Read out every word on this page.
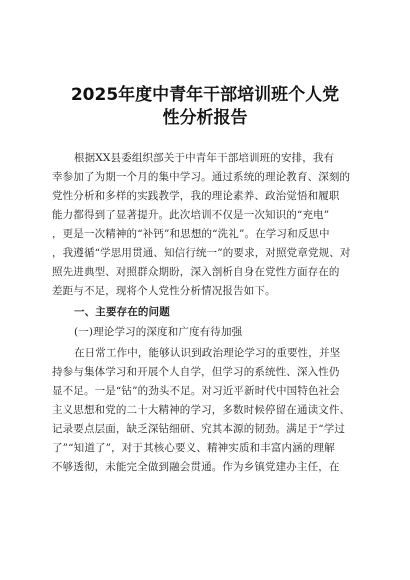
2025年度中青年干部培训班个人党
性分析报告
根据XX县委组织部关于中青年干部培训班的安排，我有
幸参加了为期一个月的集中学习。通过系统的理论教育、深刻的
党性分析和多样的实践教学，我的理论素养、政治觉悟和履职
能力都得到了显著提升。此次培训不仅是一次知识的“充电”
，更是一次精神的“补钙”和思想的“洗礼”。在学习和反思中
，我遵循“学思用贯通、知信行统一”的要求，对照党章党规、对
照先进典型、对照群众期盼，深入剖析自身在党性方面存在的
差距与不足，现将个人党性分析情况报告如下。
一、主要存在的问题
(一)理论学习的深度和广度有待加强
在日常工作中，能够认识到政治理论学习的重要性，并坚
持参与集体学习和开展个人自学，但学习的系统性、深入性仍
显不足。一是“钻”的劲头不足。对习近平新时代中国特色社会
主义思想和党的二十大精神的学习，多数时候停留在通读文件、
记录要点层面，缺乏深钻细研、究其本源的韧劲。满足于“学过
了”“知道了”，对于其核心要义、精神实质和丰富内涵的理解
不够透彻，未能完全做到融会贯通。作为乡镇党建办主任，在
